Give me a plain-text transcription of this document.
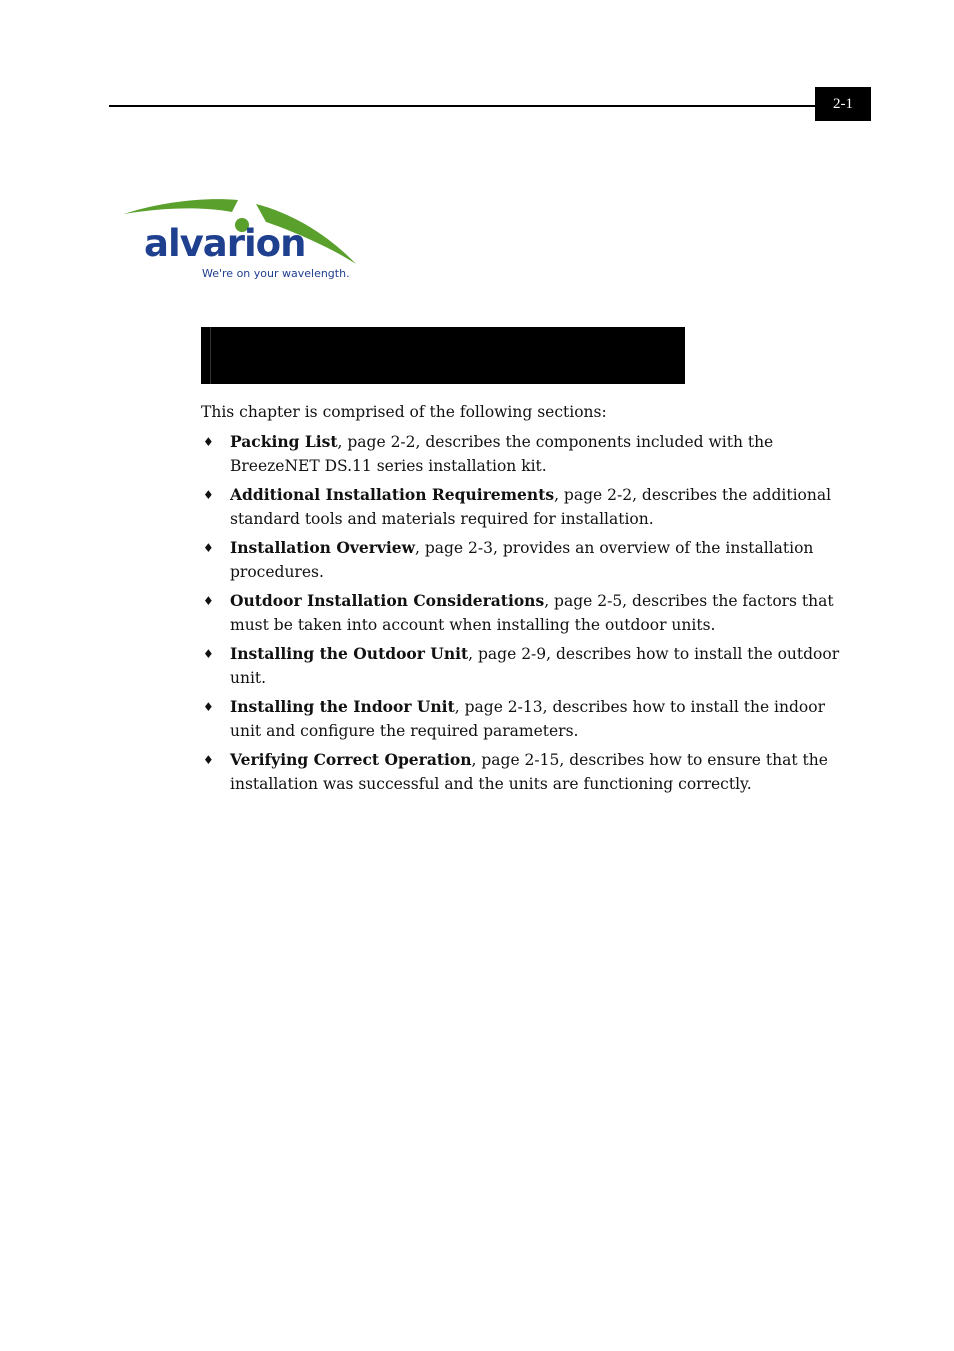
2-1
alvarion
We're on your wavelength.
This chapter is comprised of the following sections:
♦ Packing List, page 2-2, describes the components included with the BreezeNET DS.11 series installation kit.
♦ Additional Installation Requirements, page 2-2, describes the additional standard tools and materials required for installation.
♦ Installation Overview, page 2-3, provides an overview of the installation procedures.
♦ Outdoor Installation Considerations, page 2-5, describes the factors that must be taken into account when installing the outdoor units.
♦ Installing the Outdoor Unit, page 2-9, describes how to install the outdoor unit.
♦ Installing the Indoor Unit, page 2-13, describes how to install the indoor unit and configure the required parameters.
♦ Verifying Correct Operation, page 2-15, describes how to ensure that the installation was successful and the units are functioning correctly.
